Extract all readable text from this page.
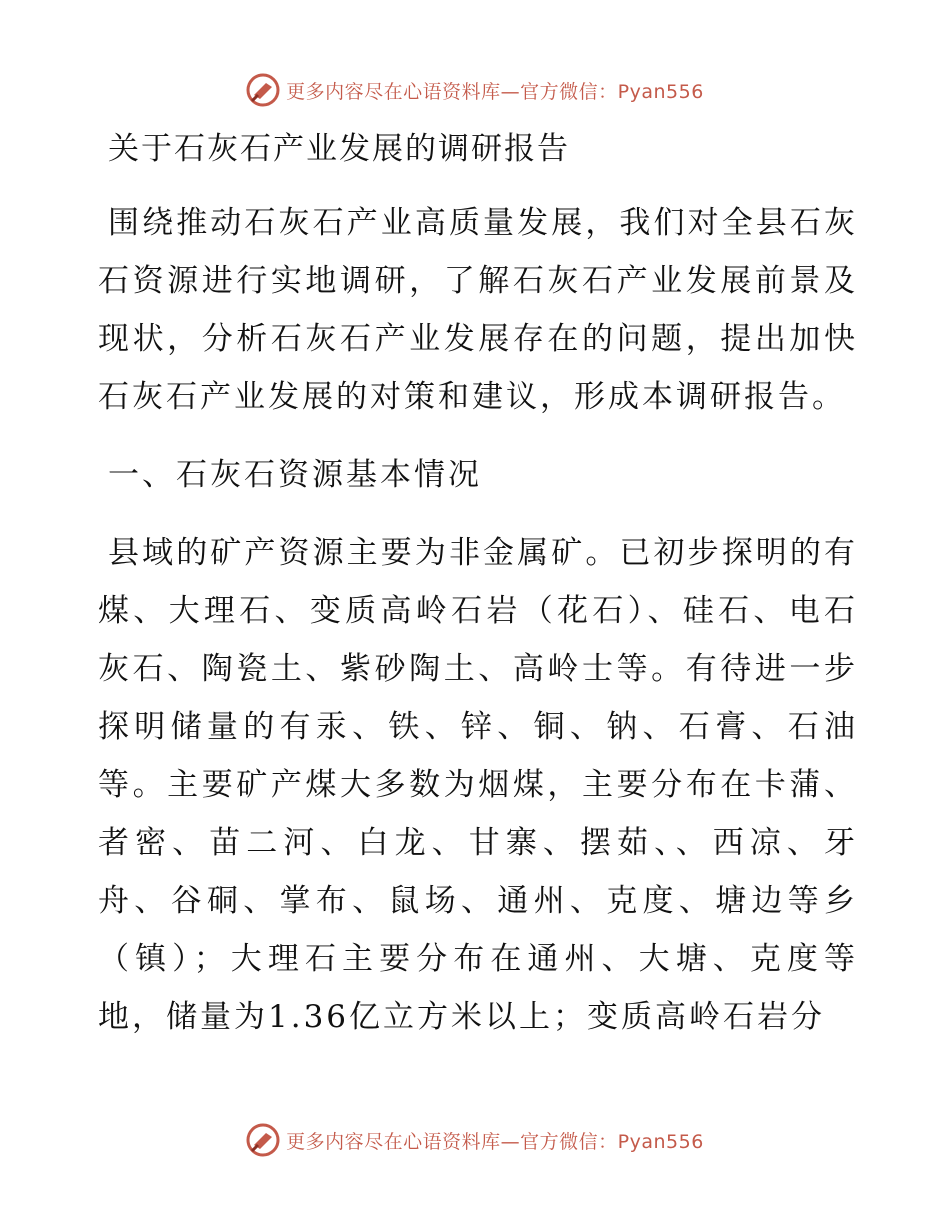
更多内容尽在心语资料库—官方微信：Pyan556
关于石灰石产业发展的调研报告

围绕推动石灰石产业高质量发展，我们对全县石灰石资源进行实地调研，了解石灰石产业发展前景及现状，分析石灰石产业发展存在的问题，提出加快石灰石产业发展的对策和建议，形成本调研报告。

一、石灰石资源基本情况

县域的矿产资源主要为非金属矿。已初步探明的有煤、大理石、变质高岭石岩（花石）、硅石、电石灰石、陶瓷土、紫砂陶土、高岭士等。有待进一步探明储量的有汞、铁、锌、铜、钠、石膏、石油等。主要矿产煤大多数为烟煤，主要分布在卡蒲、者密、苗二河、白龙、甘寨、摆茹、、西凉、牙舟、谷硐、掌布、鼠场、通州、克度、塘边等乡（镇）；大理石主要分布在通州、大塘、克度等地，储量为1.36亿立方米以上；变质高岭石岩分

更多内容尽在心语资料库—官方微信：Pyan556
